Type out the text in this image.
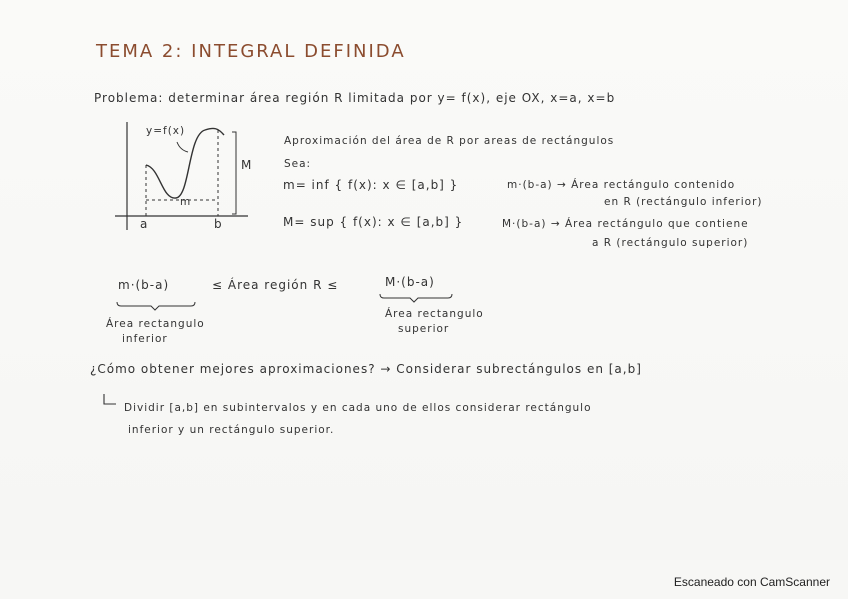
TEMA 2: INTEGRAL DEFINIDA
Problema: determinar área región R limitada por y= f(x), eje OX, x=a, x=b
y=f(x)
M
m
a	b
Aproximación del área de R por areas de rectángulos
Sea:
m= inf { f(x): x ∈ [a,b] }	m·(b-a) → Área rectángulo contenido
en R (rectángulo inferior)
M= sup { f(x): x ∈ [a,b] }	M·(b-a) → Área rectángulo que contiene
a R (rectángulo superior)
m·(b-a)	≤ Área región R ≤	M·(b-a)
Área rectangulo
inferior
Área rectangulo
superior
¿Cómo obtener mejores aproximaciones? → Considerar subrectángulos en [a,b]
Dividir [a,b] en subintervalos y en cada uno de ellos considerar rectángulo
inferior y un rectángulo superior.
Escaneado con CamScanner
